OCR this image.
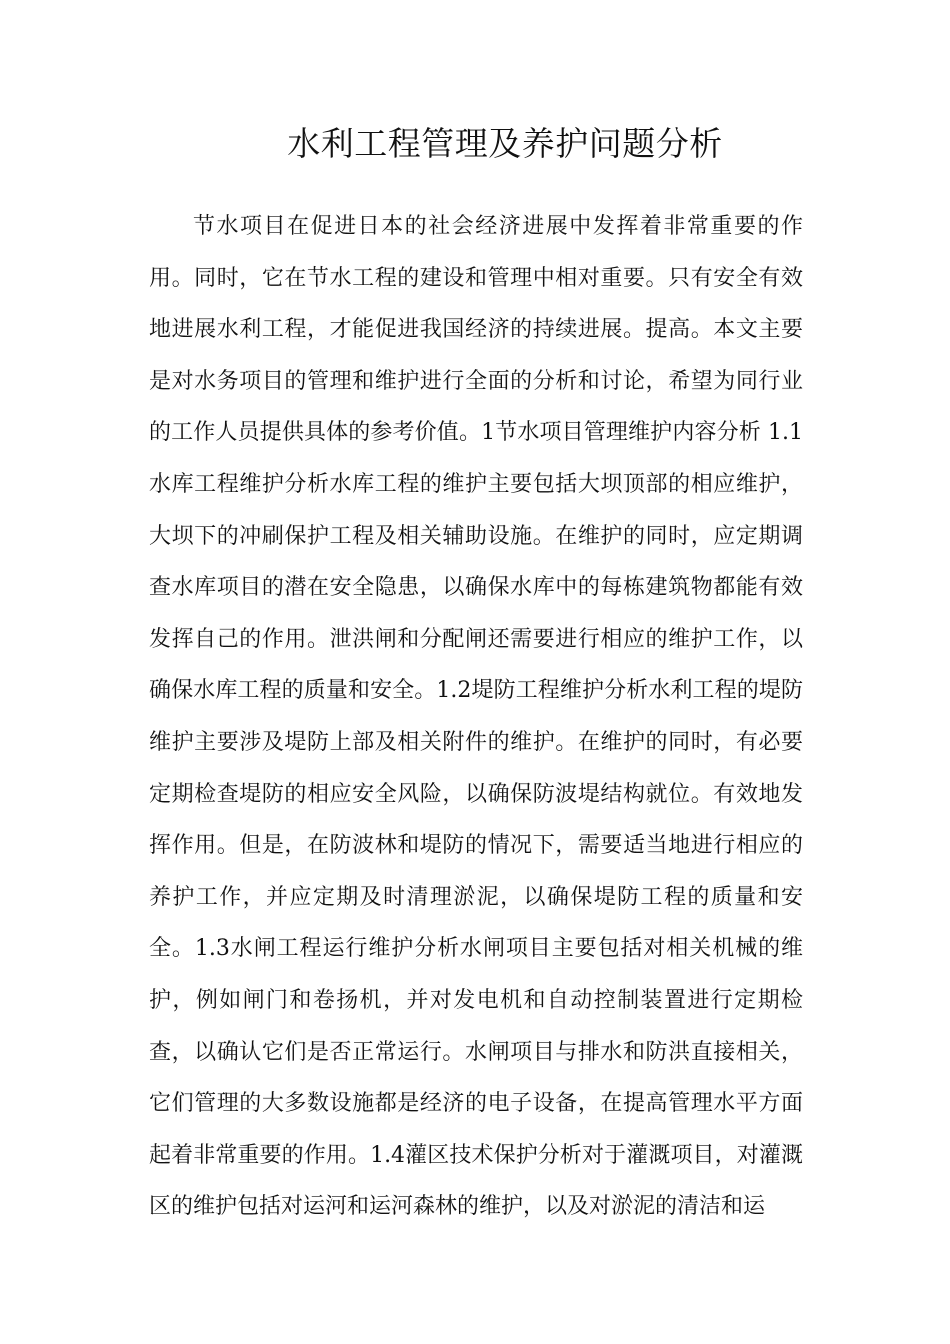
水利工程管理及养护问题分析

节水项目在促进日本的社会经济进展中发挥着非常重要的作用。同时，它在节水工程的建设和管理中相对重要。只有安全有效地进展水利工程，才能促进我国经济的持续进展。提高。本文主要是对水务项目的管理和维护进行全面的分析和讨论，希望为同行业的工作人员提供具体的参考价值。1节水项目管理维护内容分析 1.1水库工程维护分析水库工程的维护主要包括大坝顶部的相应维护，大坝下的冲刷保护工程及相关辅助设施。在维护的同时，应定期调查水库项目的潜在安全隐患，以确保水库中的每栋建筑物都能有效发挥自己的作用。泄洪闸和分配闸还需要进行相应的维护工作，以确保水库工程的质量和安全。1.2堤防工程维护分析水利工程的堤防维护主要涉及堤防上部及相关附件的维护。在维护的同时，有必要定期检查堤防的相应安全风险，以确保防波堤结构就位。有效地发挥作用。但是，在防波林和堤防的情况下，需要适当地进行相应的养护工作，并应定期及时清理淤泥，以确保堤防工程的质量和安全。1.3水闸工程运行维护分析水闸项目主要包括对相关机械的维护，例如闸门和卷扬机，并对发电机和自动控制装置进行定期检查，以确认它们是否正常运行。水闸项目与排水和防洪直接相关，它们管理的大多数设施都是经济的电子设备，在提高管理水平方面起着非常重要的作用。1.4灌区技术保护分析对于灌溉项目，对灌溉区的维护包括对运河和运河森林的维护，以及对淤泥的清洁和运
